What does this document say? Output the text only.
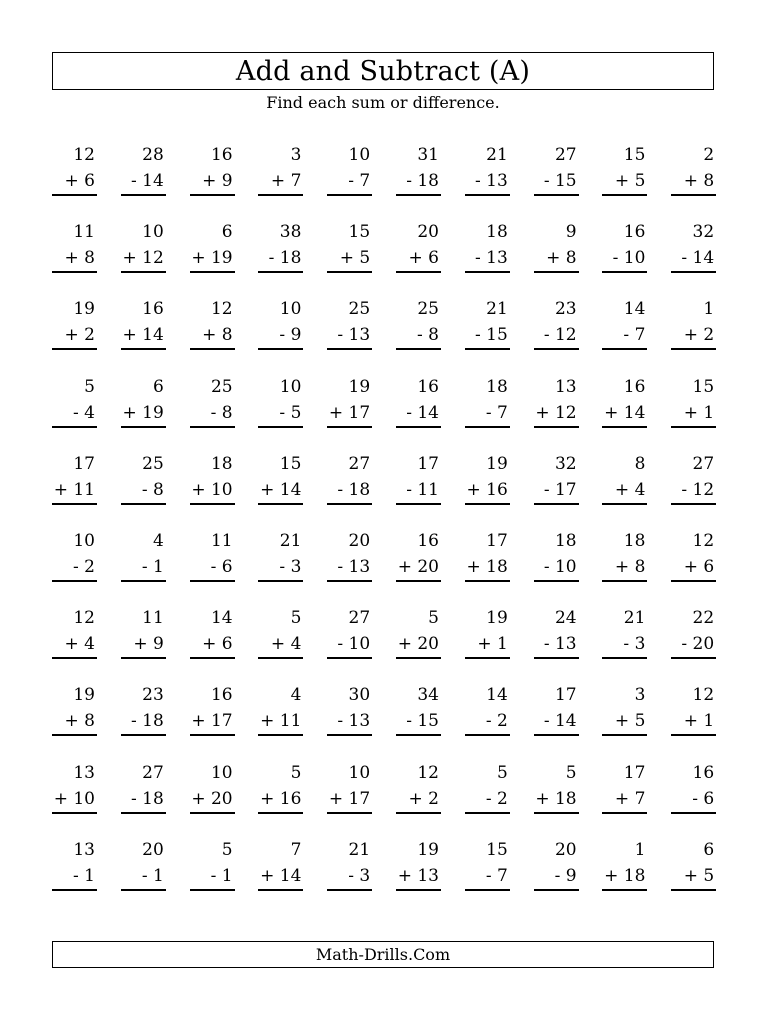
Add and Subtract (A)
Find each sum or difference.
12
+ 6
28
- 14
16
+ 9
3
+ 7
10
- 7
31
- 18
21
- 13
27
- 15
15
+ 5
2
+ 8
11
+ 8
10
+ 12
6
+ 19
38
- 18
15
+ 5
20
+ 6
18
- 13
9
+ 8
16
- 10
32
- 14
19
+ 2
16
+ 14
12
+ 8
10
- 9
25
- 13
25
- 8
21
- 15
23
- 12
14
- 7
1
+ 2
5
- 4
6
+ 19
25
- 8
10
- 5
19
+ 17
16
- 14
18
- 7
13
+ 12
16
+ 14
15
+ 1
17
+ 11
25
- 8
18
+ 10
15
+ 14
27
- 18
17
- 11
19
+ 16
32
- 17
8
+ 4
27
- 12
10
- 2
4
- 1
11
- 6
21
- 3
20
- 13
16
+ 20
17
+ 18
18
- 10
18
+ 8
12
+ 6
12
+ 4
11
+ 9
14
+ 6
5
+ 4
27
- 10
5
+ 20
19
+ 1
24
- 13
21
- 3
22
- 20
19
+ 8
23
- 18
16
+ 17
4
+ 11
30
- 13
34
- 15
14
- 2
17
- 14
3
+ 5
12
+ 1
13
+ 10
27
- 18
10
+ 20
5
+ 16
10
+ 17
12
+ 2
5
- 2
5
+ 18
17
+ 7
16
- 6
13
- 1
20
- 1
5
- 1
7
+ 14
21
- 3
19
+ 13
15
- 7
20
- 9
1
+ 18
6
+ 5
Math-Drills.Com
